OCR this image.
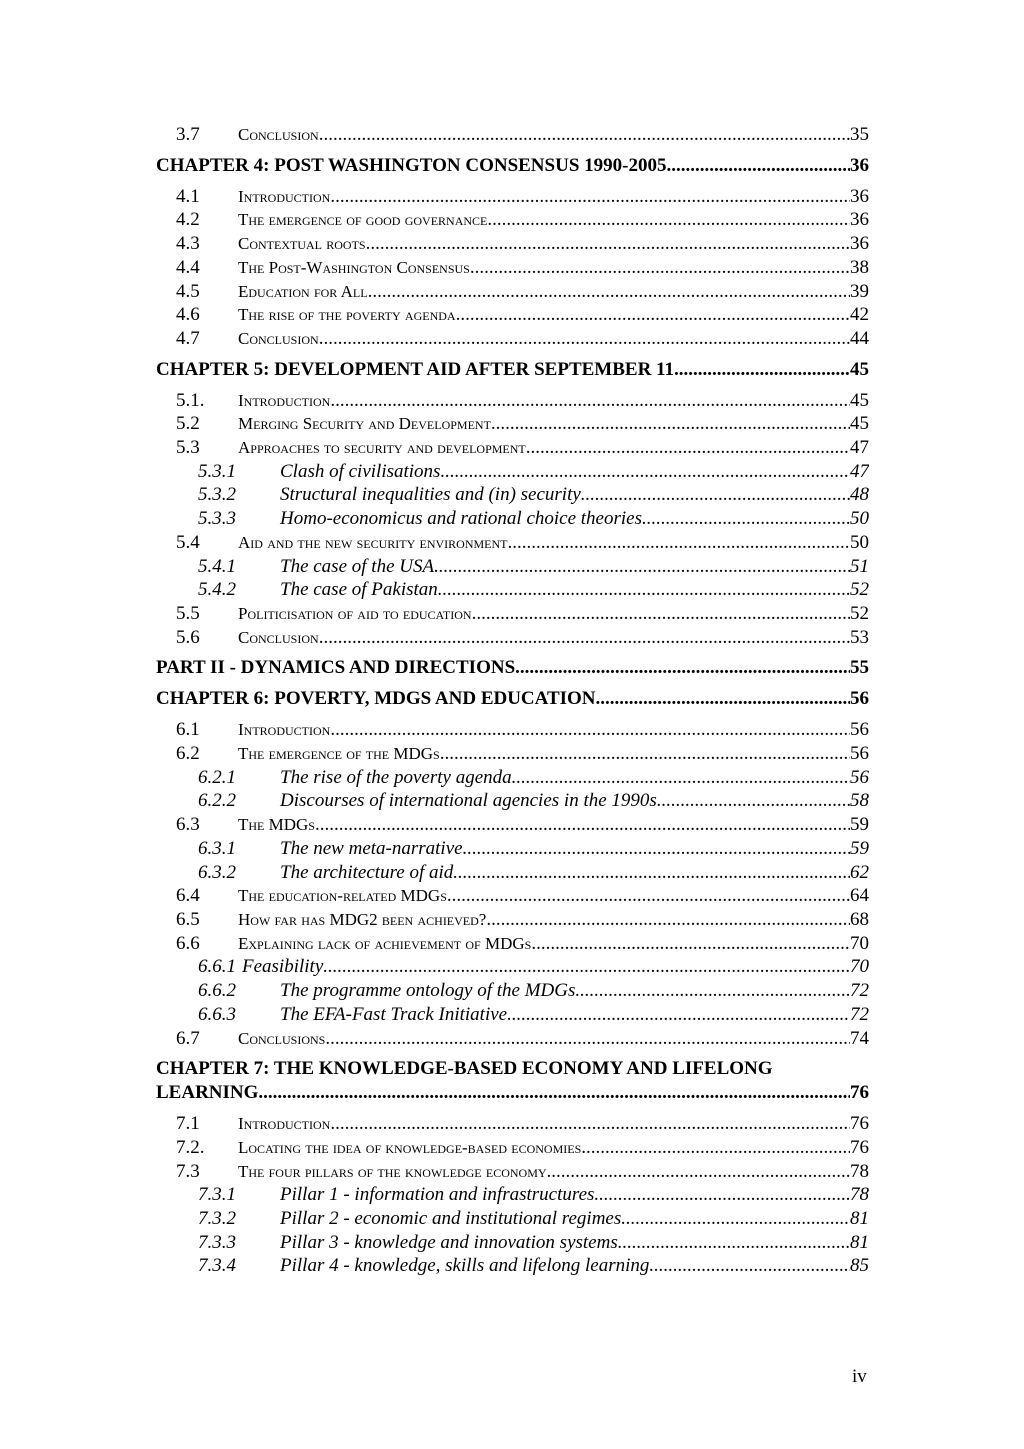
3.7	Conclusion .....	35
CHAPTER 4: POST WASHINGTON CONSENSUS 1990-2005 .....	36
4.1	Introduction .....	36
4.2	The emergence of good governance .....	36
4.3	Contextual roots .....	36
4.4	The Post-Washington Consensus .....	38
4.5	Education for All .....	39
4.6	The rise of the poverty agenda .....	42
4.7	Conclusion .....	44
CHAPTER 5: DEVELOPMENT AID AFTER SEPTEMBER 11 .....	45
5.1.	Introduction .....	45
5.2	Merging Security and Development .....	45
5.3	Approaches to security and development .....	47
5.3.1	Clash of civilisations .....	47
5.3.2	Structural inequalities and (in) security .....	48
5.3.3	Homo-economicus and rational choice theories .....	50
5.4	Aid and the new security environment .....	50
5.4.1	The case of the USA .....	51
5.4.2	The case of Pakistan .....	52
5.5	Politicisation of aid to education .....	52
5.6	Conclusion .....	53
PART II - DYNAMICS AND DIRECTIONS .....	55
CHAPTER 6: POVERTY, MDGS AND EDUCATION .....	56
6.1	Introduction .....	56
6.2	The emergence of the MDGs .....	56
6.2.1	The rise of the poverty agenda .....	56
6.2.2	Discourses of international agencies in the 1990s .....	58
6.3	The MDGs .....	59
6.3.1	The new meta-narrative .....	59
6.3.2	The architecture of aid .....	62
6.4	The education-related MDGs .....	64
6.5	How far has MDG2 been achieved? .....	68
6.6	Explaining lack of achievement of MDGs .....	70
6.6.1 Feasibility .....	70
6.6.2	The programme ontology of the MDGs .....	72
6.6.3	The EFA-Fast Track Initiative .....	72
6.7	Conclusions .....	74
CHAPTER 7: THE KNOWLEDGE-BASED ECONOMY AND LIFELONG
LEARNING .....	76
7.1	Introduction .....	76
7.2.	Locating the idea of knowledge-based economies .....	76
7.3	The four pillars of the knowledge economy .....	78
7.3.1	Pillar 1 - information and infrastructures .....	78
7.3.2	Pillar 2 - economic and institutional regimes .....	81
7.3.3	Pillar 3 - knowledge and innovation systems .....	81
7.3.4	Pillar 4 - knowledge, skills and lifelong learning .....	85
iv
